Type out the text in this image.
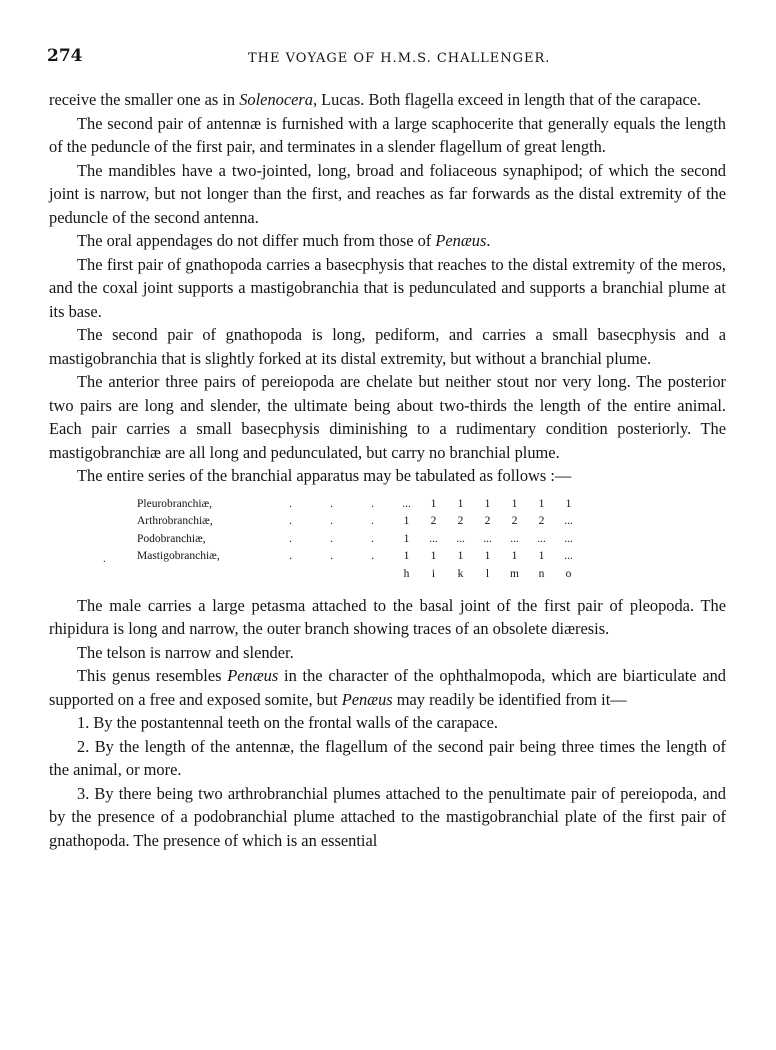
274	THE VOYAGE OF H.M.S. CHALLENGER.

receive the smaller one as in Solenocera, Lucas. Both flagella exceed in length that of the carapace.

The second pair of antennæ is furnished with a large scaphocerite that generally equals the length of the peduncle of the first pair, and terminates in a slender flagellum of great length.

The mandibles have a two-jointed, long, broad and foliaceous synaphipod; of which the second joint is narrow, but not longer than the first, and reaches as far forwards as the distal extremity of the peduncle of the second antenna.

The oral appendages do not differ much from those of Penæus.

The first pair of gnathopoda carries a basecphysis that reaches to the distal extremity of the meros, and the coxal joint supports a mastigobranchia that is pedunculated and supports a branchial plume at its base.

The second pair of gnathopoda is long, pediform, and carries a small basecphysis and a mastigobranchia that is slightly forked at its distal extremity, but without a branchial plume.

The anterior three pairs of pereiopoda are chelate but neither stout nor very long. The posterior two pairs are long and slender, the ultimate being about two-thirds the length of the entire animal. Each pair carries a small basecphysis diminishing to a rudimentary condition posteriorly. The mastigobranchiæ are all long and pedunculated, but carry no branchial plume.

The entire series of the branchial apparatus may be tabulated as follows :—

.
Pleurobranchiæ,	.	.	.	...	1	1	1	1	1	1
Arthrobranchiæ,	.	.	.	1	2	2	2	2	2	...
Podobranchiæ,	.	.	.	1	...	...	...	...	...	...
Mastigobranchiæ,	.	.	.	1	1	1	1	1	1	...
				h	i	k	l	m	n	o

The male carries a large petasma attached to the basal joint of the first pair of pleopoda. The rhipidura is long and narrow, the outer branch showing traces of an obsolete diæresis.

The telson is narrow and slender.

This genus resembles Penæus in the character of the ophthalmopoda, which are biarticulate and supported on a free and exposed somite, but Penæus may readily be identified from it—

1. By the postantennal teeth on the frontal walls of the carapace.

2. By the length of the antennæ, the flagellum of the second pair being three times the length of the animal, or more.

3. By there being two arthrobranchial plumes attached to the penultimate pair of pereiopoda, and by the presence of a podobranchial plume attached to the mastigobranchial plate of the first pair of gnathopoda. The presence of which is an essential
